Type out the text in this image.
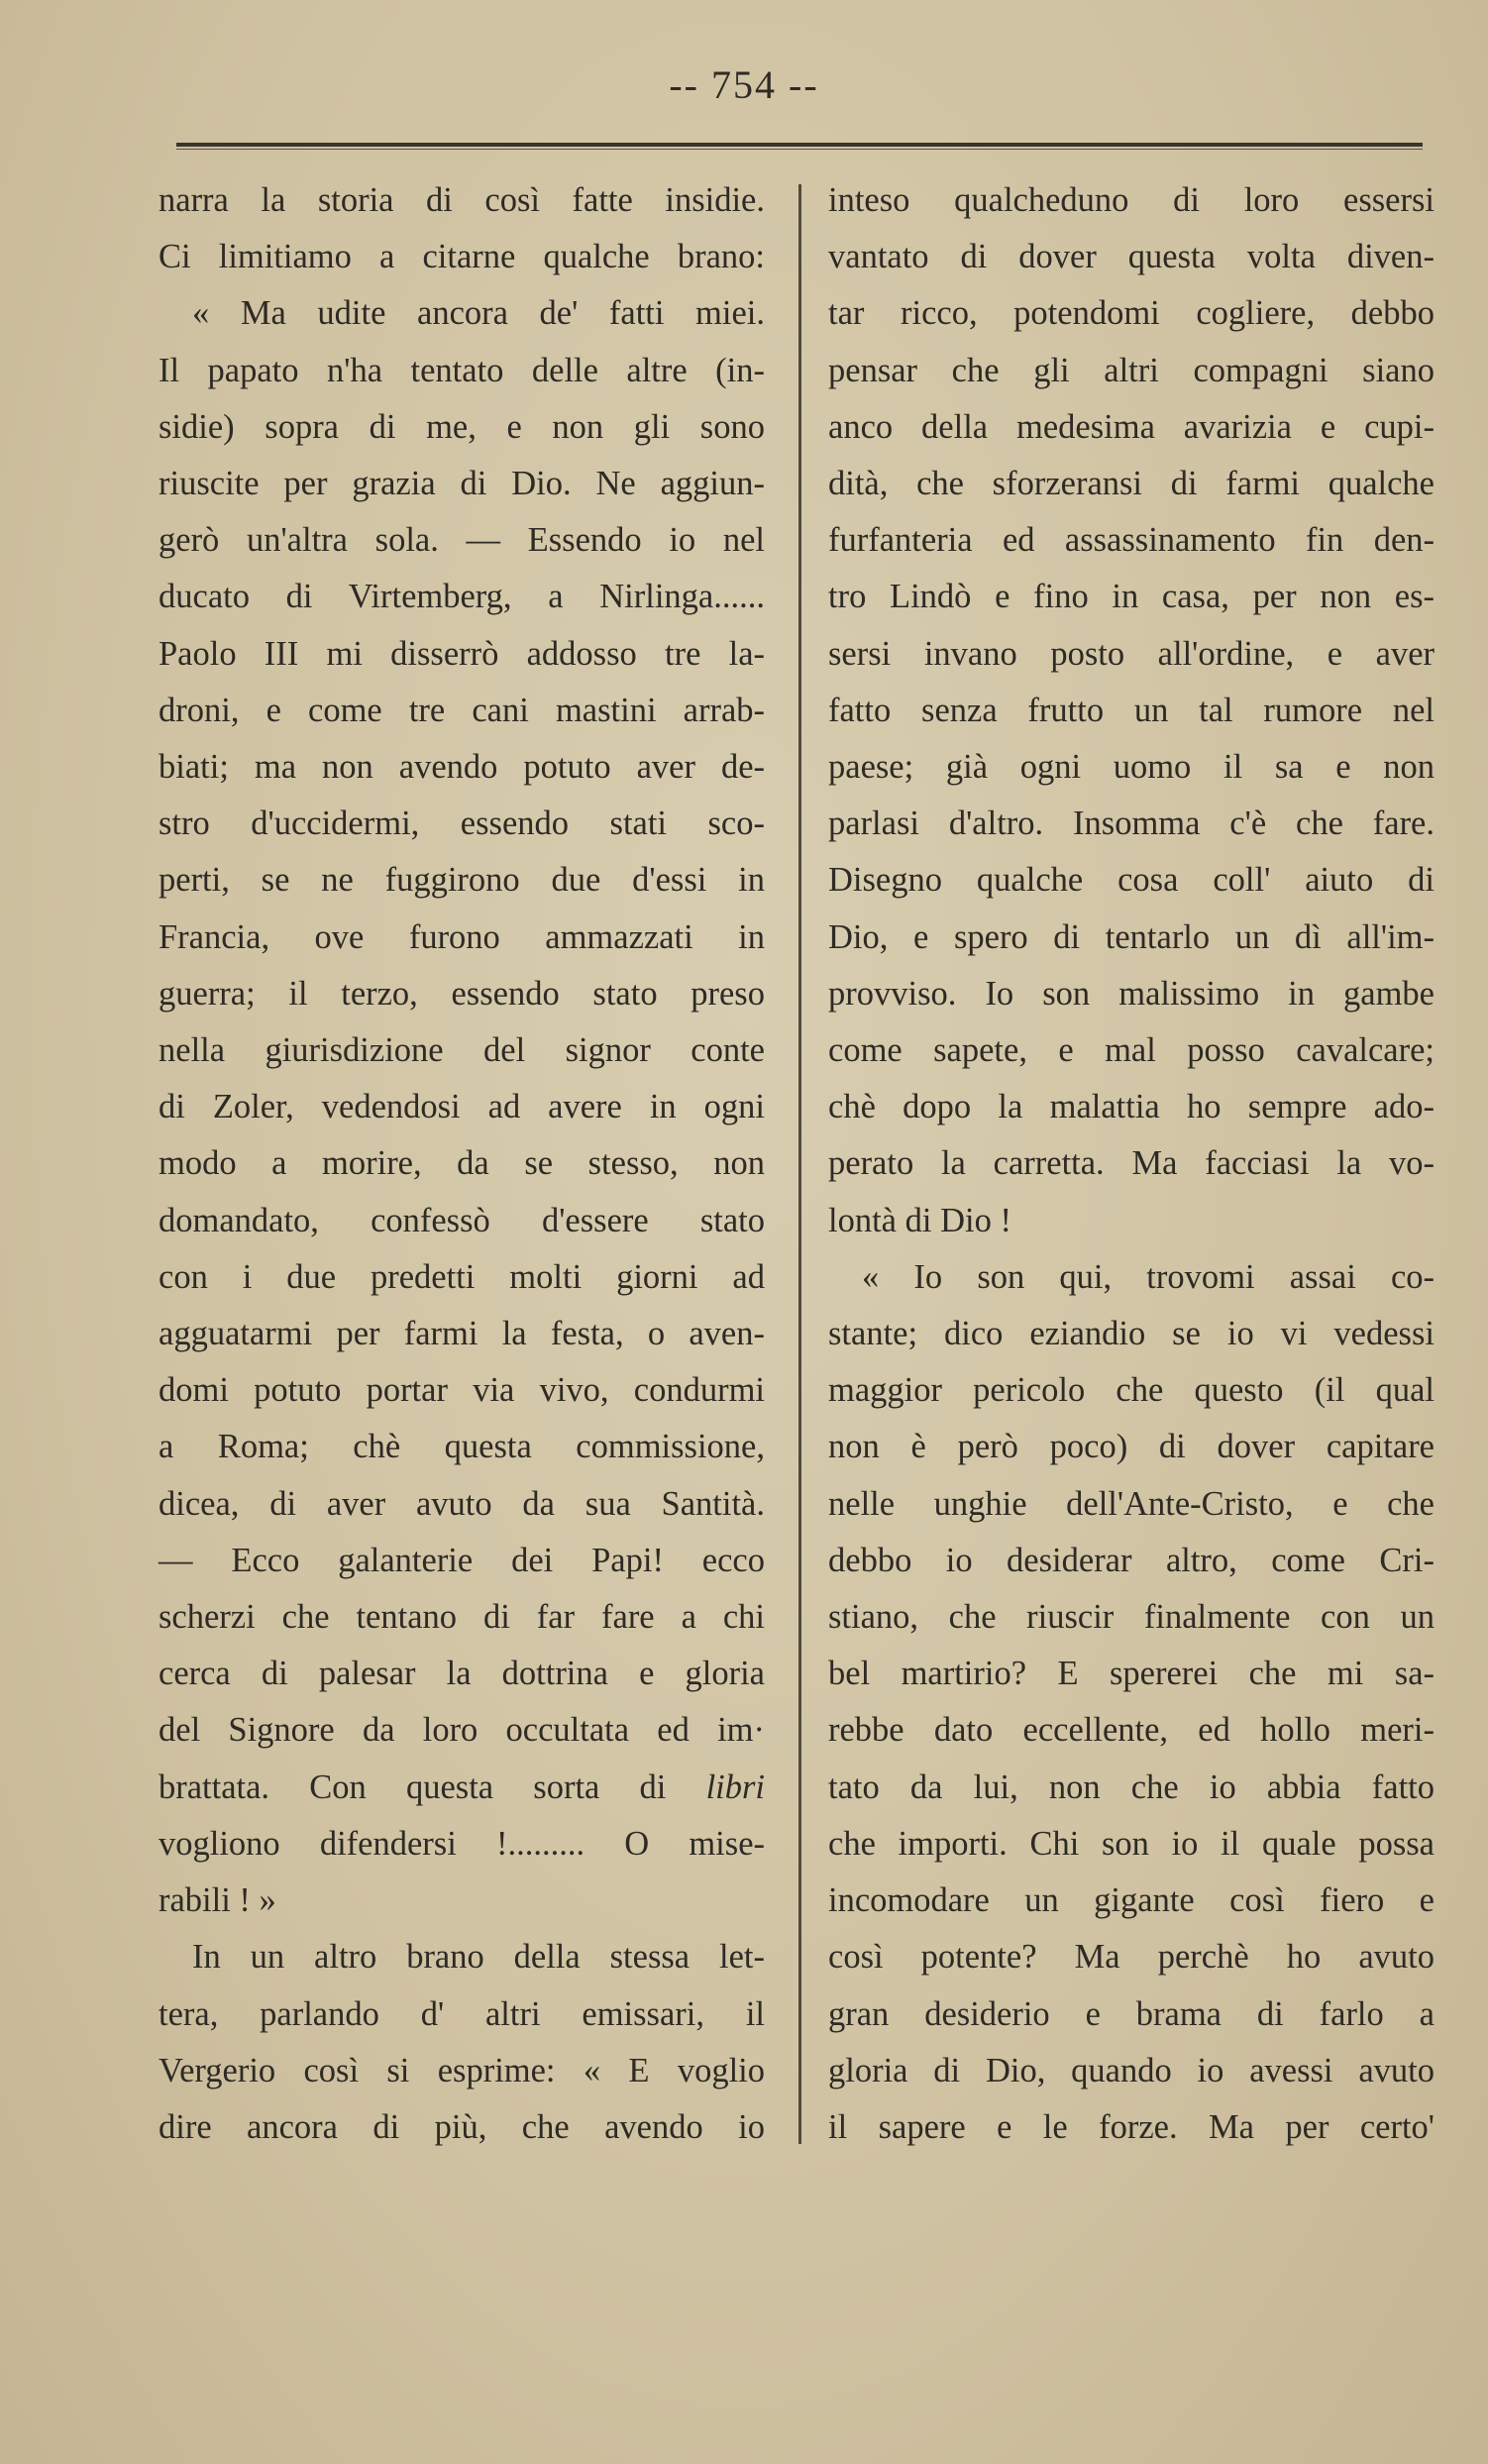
-- 754 --
narra la storia di così fatte insidie.
Ci limitiamo a citarne qualche brano:
« Ma udite ancora de' fatti miei.
Il papato n'ha tentato delle altre (in-
sidie) sopra di me, e non gli sono
riuscite per grazia di Dio. Ne aggiun-
gerò un'altra sola. — Essendo io nel
ducato di Virtemberg, a Nirlinga......
Paolo III mi disserrò addosso tre la-
droni, e come tre cani mastini arrab-
biati; ma non avendo potuto aver de-
stro d'uccidermi, essendo stati sco-
perti, se ne fuggirono due d'essi in
Francia, ove furono ammazzati in
guerra; il terzo, essendo stato preso
nella giurisdizione del signor conte
di Zoler, vedendosi ad avere in ogni
modo a morire, da se stesso, non
domandato, confessò d'essere stato
con i due predetti molti giorni ad
agguatarmi per farmi la festa, o aven-
domi potuto portar via vivo, condurmi
a Roma; chè questa commissione,
dicea, di aver avuto da sua Santità.
— Ecco galanterie dei Papi! ecco
scherzi che tentano di far fare a chi
cerca di palesar la dottrina e gloria
del Signore da loro occultata ed im·
brattata. Con questa sorta di libri
vogliono difendersi !......... O mise-
rabili ! »
In un altro brano della stessa let-
tera, parlando d' altri emissari, il
Vergerio così si esprime: « E voglio
dire ancora di più, che avendo io
inteso qualcheduno di loro essersi
vantato di dover questa volta diven-
tar ricco, potendomi cogliere, debbo
pensar che gli altri compagni siano
anco della medesima avarizia e cupi-
dità, che sforzeransi di farmi qualche
furfanteria ed assassinamento fin den-
tro Lindò e fino in casa, per non es-
sersi invano posto all'ordine, e aver
fatto senza frutto un tal rumore nel
paese; già ogni uomo il sa e non
parlasi d'altro. Insomma c'è che fare.
Disegno qualche cosa coll' aiuto di
Dio, e spero di tentarlo un dì all'im-
provviso. Io son malissimo in gambe
come sapete, e mal posso cavalcare;
chè dopo la malattia ho sempre ado-
perato la carretta. Ma facciasi la vo-
lontà di Dio !
« Io son qui, trovomi assai co-
stante; dico eziandio se io vi vedessi
maggior pericolo che questo (il qual
non è però poco) di dover capitare
nelle unghie dell'Ante-Cristo, e che
debbo io desiderar altro, come Cri-
stiano, che riuscir finalmente con un
bel martirio? E spererei che mi sa-
rebbe dato eccellente, ed hollo meri-
tato da lui, non che io abbia fatto
che importi. Chi son io il quale possa
incomodare un gigante così fiero e
così potente? Ma perchè ho avuto
gran desiderio e brama di farlo a
gloria di Dio, quando io avessi avuto
il sapere e le forze. Ma per certo'
